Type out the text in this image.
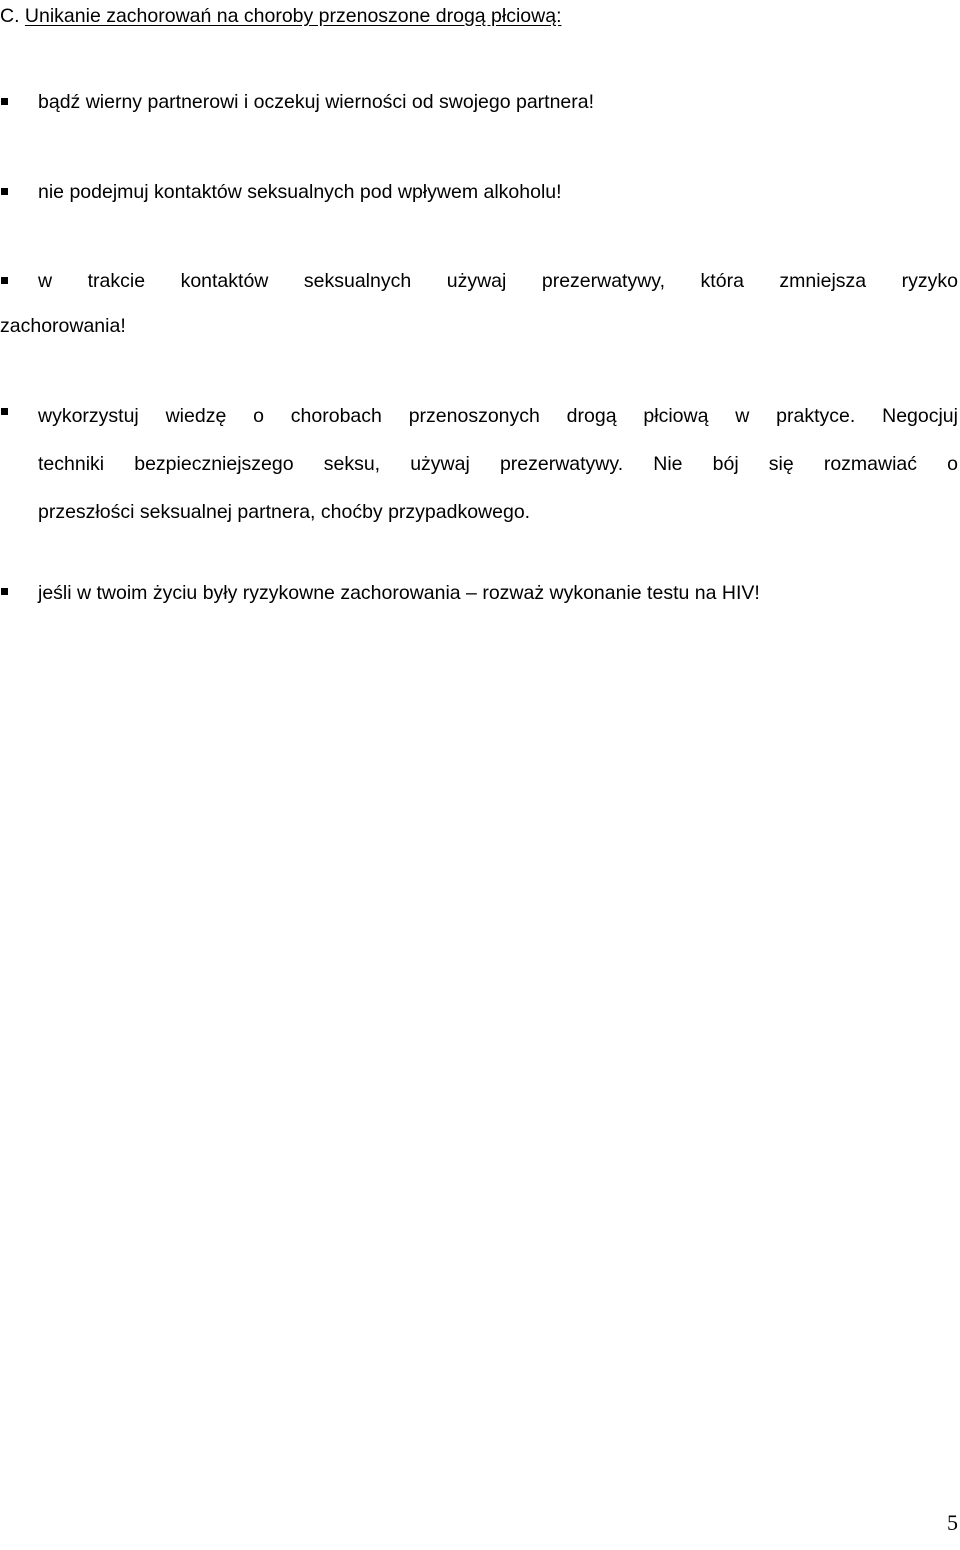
C. Unikanie zachorowań na choroby przenoszone drogą płciową:
bądź wierny partnerowi i oczekuj wierności od swojego partnera!
nie podejmuj kontaktów seksualnych pod wpływem alkoholu!
w trakcie kontaktów seksualnych używaj prezerwatywy, która zmniejsza ryzyko
zachorowania!
wykorzystuj wiedzę o chorobach przenoszonych drogą płciową w praktyce. Negocjuj
techniki bezpieczniejszego seksu, używaj prezerwatywy. Nie bój się rozmawiać o
przeszłości seksualnej partnera, choćby przypadkowego.
jeśli w twoim życiu były ryzykowne zachorowania – rozważ wykonanie testu na HIV!
5
